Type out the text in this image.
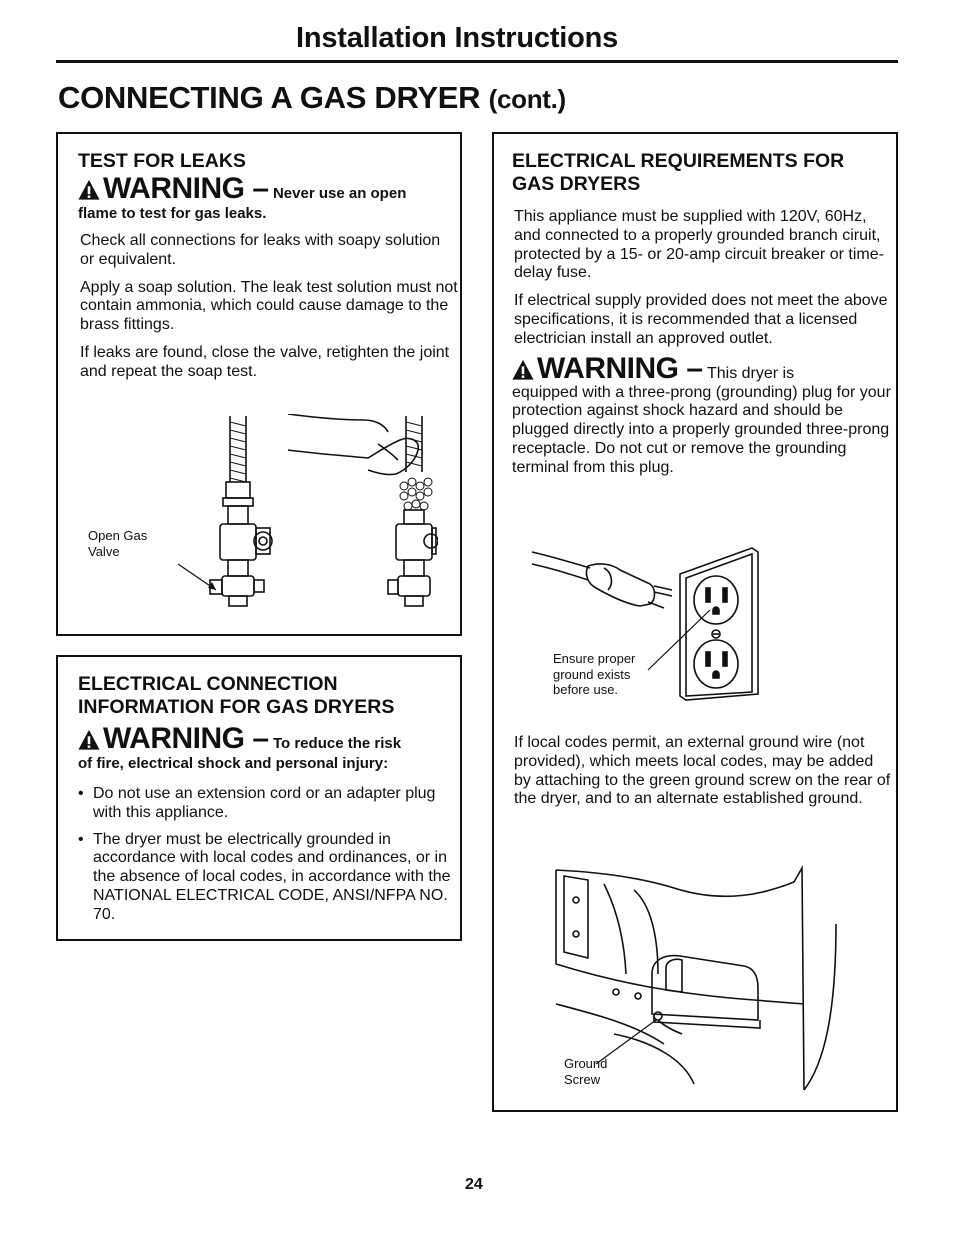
Installation Instructions
CONNECTING A GAS DRYER (cont.)
TEST FOR LEAKS
WARNING – Never use an open
flame to test for gas leaks.
Check all connections for leaks with soapy solution or equivalent.
Apply a soap solution. The leak test solution must not contain ammonia, which could cause damage to the brass fittings.
If leaks are found, close the valve, retighten the joint and repeat the soap test.
Open Gas
Valve
ELECTRICAL CONNECTION
INFORMATION FOR GAS DRYERS
WARNING – To reduce the risk
of fire, electrical shock and personal injury:
• Do not use an extension cord or an adapter plug with this appliance.
• The dryer must be electrically grounded in accordance with local codes and ordinances, or in the absence of local codes, in accordance with the NATIONAL ELECTRICAL CODE, ANSI/NFPA NO. 70.
ELECTRICAL REQUIREMENTS FOR
GAS DRYERS
This appliance must be supplied with 120V, 60Hz, and connected to a properly grounded branch ciruit, protected by a 15- or 20-amp circuit breaker or time-delay fuse.
If electrical supply provided does not meet the above specifications, it is recommended that a licensed electrician install an approved outlet.
WARNING – This dryer is
equipped with a three-prong (grounding) plug for your protection against shock hazard and should be plugged directly into a properly grounded three-prong receptacle. Do not cut or remove the grounding terminal from this plug.
Ensure proper
ground exists
before use.
If local codes permit, an external ground wire (not provided), which meets local codes, may be added by attaching to the green ground screw on the rear of the dryer, and to an alternate established ground.
Ground
Screw
24
